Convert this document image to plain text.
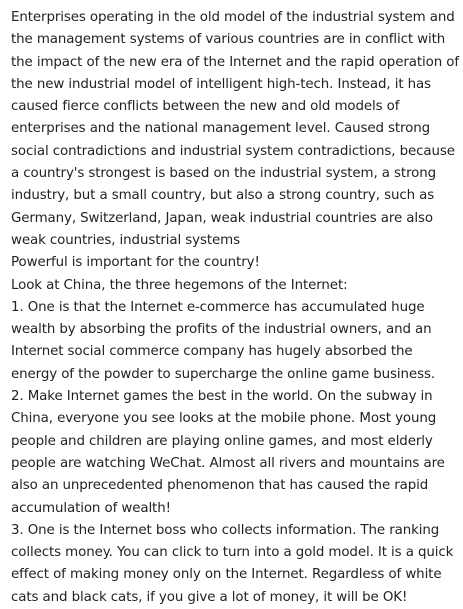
Enterprises operating in the old model of the industrial system and the management systems of various countries are in conflict with the impact of the new era of the Internet and the rapid operation of the new industrial model of intelligent high-tech. Instead, it has caused fierce conflicts between the new and old models of enterprises and the national management level. Caused strong social contradictions and industrial system contradictions, because a country's strongest is based on the industrial system, a strong industry, but a small country, but also a strong country, such as Germany, Switzerland, Japan, weak industrial countries are also weak countries, industrial systems

Powerful is important for the country!

Look at China, the three hegemons of the Internet:

1. One is that the Internet e-commerce has accumulated huge wealth by absorbing the profits of the industrial owners, and an Internet social commerce company has hugely absorbed the energy of the powder to supercharge the online game business.

2. Make Internet games the best in the world. On the subway in China, everyone you see looks at the mobile phone. Most young people and children are playing online games, and most elderly people are watching WeChat. Almost all rivers and mountains are also an unprecedented phenomenon that has caused the rapid accumulation of wealth!

3. One is the Internet boss who collects information. The ranking collects money. You can click to turn into a gold model. It is a quick effect of making money only on the Internet. Regardless of white cats and black cats, if you give a lot of money, it will be OK!
